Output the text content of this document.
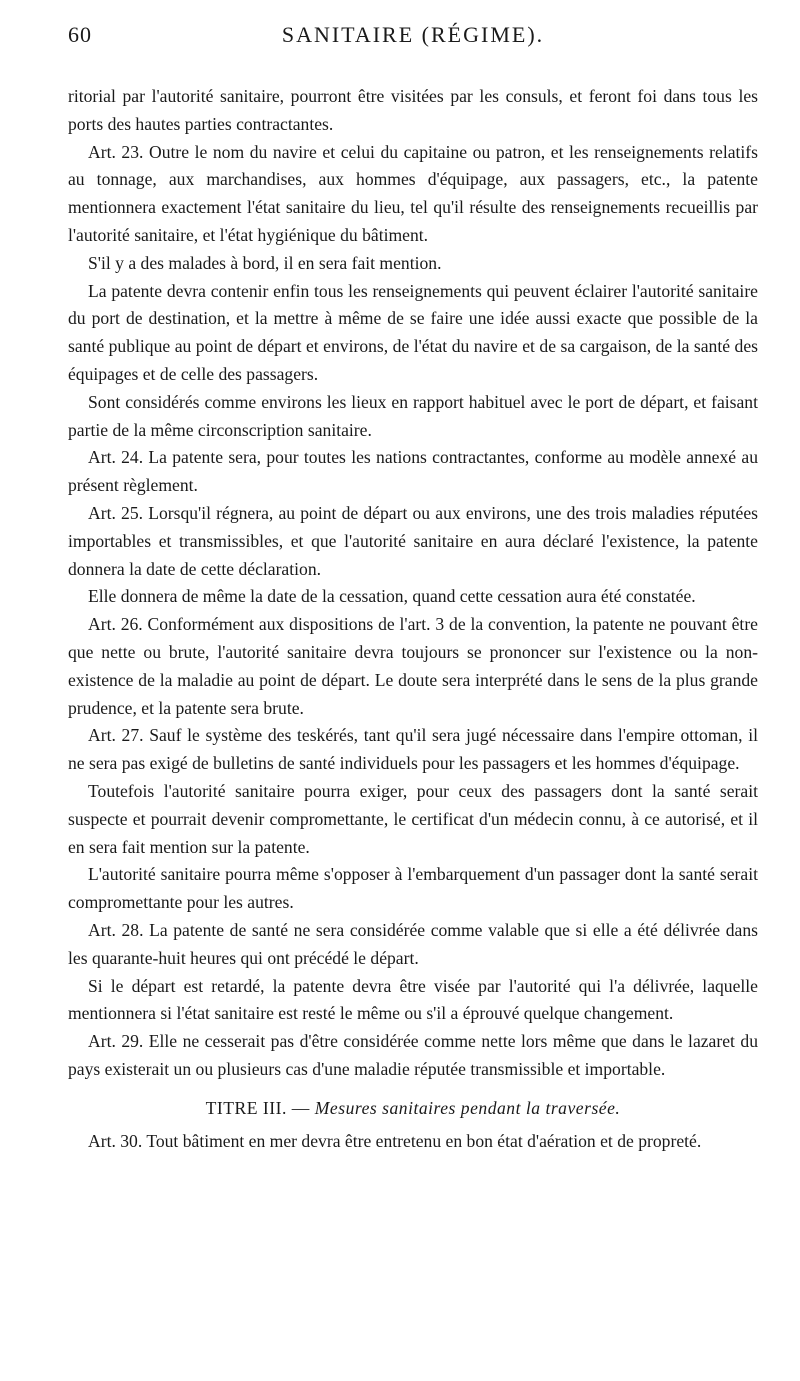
60	SANITAIRE (RÉGIME).

ritorial par l'autorité sanitaire, pourront être visitées par les consuls, et feront foi dans tous les ports des hautes parties contractantes.

Art. 23. Outre le nom du navire et celui du capitaine ou patron, et les renseignements relatifs au tonnage, aux marchandises, aux hommes d'équipage, aux passagers, etc., la patente mentionnera exactement l'état sanitaire du lieu, tel qu'il résulte des renseignements recueillis par l'autorité sanitaire, et l'état hygiénique du bâtiment.

S'il y a des malades à bord, il en sera fait mention.

La patente devra contenir enfin tous les renseignements qui peuvent éclairer l'autorité sanitaire du port de destination, et la mettre à même de se faire une idée aussi exacte que possible de la santé publique au point de départ et environs, de l'état du navire et de sa cargaison, de la santé des équipages et de celle des passagers.

Sont considérés comme environs les lieux en rapport habituel avec le port de départ, et faisant partie de la même circonscription sanitaire.

Art. 24. La patente sera, pour toutes les nations contractantes, conforme au modèle annexé au présent règlement.

Art. 25. Lorsqu'il régnera, au point de départ ou aux environs, une des trois maladies réputées importables et transmissibles, et que l'autorité sanitaire en aura déclaré l'existence, la patente donnera la date de cette déclaration.

Elle donnera de même la date de la cessation, quand cette cessation aura été constatée.

Art. 26. Conformément aux dispositions de l'art. 3 de la convention, la patente ne pouvant être que nette ou brute, l'autorité sanitaire devra toujours se prononcer sur l'existence ou la non-existence de la maladie au point de départ. Le doute sera interprété dans le sens de la plus grande prudence, et la patente sera brute.

Art. 27. Sauf le système des teskérés, tant qu'il sera jugé nécessaire dans l'empire ottoman, il ne sera pas exigé de bulletins de santé individuels pour les passagers et les hommes d'équipage.

Toutefois l'autorité sanitaire pourra exiger, pour ceux des passagers dont la santé serait suspecte et pourrait devenir compromettante, le certificat d'un médecin connu, à ce autorisé, et il en sera fait mention sur la patente.

L'autorité sanitaire pourra même s'opposer à l'embarquement d'un passager dont la santé serait compromettante pour les autres.

Art. 28. La patente de santé ne sera considérée comme valable que si elle a été délivrée dans les quarante-huit heures qui ont précédé le départ.

Si le départ est retardé, la patente devra être visée par l'autorité qui l'a délivrée, laquelle mentionnera si l'état sanitaire est resté le même ou s'il a éprouvé quelque changement.

Art. 29. Elle ne cesserait pas d'être considérée comme nette lors même que dans le lazaret du pays existerait un ou plusieurs cas d'une maladie réputée transmissible et importable.

TITRE III. — Mesures sanitaires pendant la traversée.

Art. 30. Tout bâtiment en mer devra être entretenu en bon état d'aération et de propreté.
